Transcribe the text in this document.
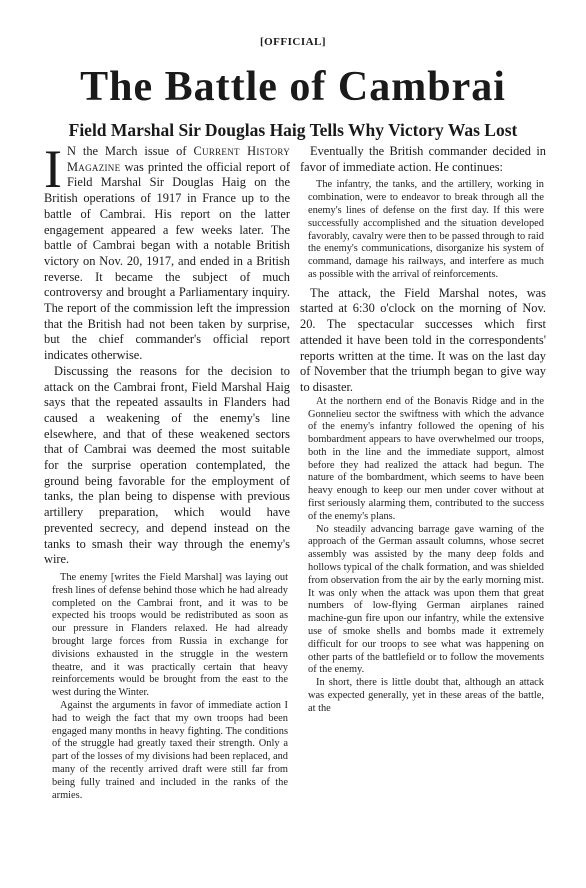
[OFFICIAL]
The Battle of Cambrai
Field Marshal Sir Douglas Haig Tells Why Victory Was Lost

I N the March issue of Current History Magazine was printed the official report of Field Marshal Sir Douglas Haig on the British operations of 1917 in France up to the battle of Cambrai. His report on the latter engagement appeared a few weeks later. The battle of Cambrai began with a notable British victory on Nov. 20, 1917, and ended in a British reverse. It became the subject of much controversy and brought a Parliamentary inquiry. The report of the commission left the impression that the British had not been taken by surprise, but the chief commander's official report indicates otherwise.

Discussing the reasons for the decision to attack on the Cambrai front, Field Marshal Haig says that the repeated assaults in Flanders had caused a weakening of the enemy's line elsewhere, and that of these weakened sectors that of Cambrai was deemed the most suitable for the surprise operation contemplated, the ground being favorable for the employment of tanks, the plan being to dispense with previous artillery preparation, which would have prevented secrecy, and depend instead on the tanks to smash their way through the enemy's wire.

The enemy [writes the Field Marshal] was laying out fresh lines of defense behind those which he had already completed on the Cambrai front, and it was to be expected his troops would be redistributed as soon as our pressure in Flanders relaxed. He had already brought large forces from Russia in exchange for divisions exhausted in the struggle in the western theatre, and it was practically certain that heavy reinforcements would be brought from the east to the west during the Winter.

Against the arguments in favor of immediate action I had to weigh the fact that my own troops had been engaged many months in heavy fighting. The conditions of the struggle had greatly taxed their strength. Only a part of the losses of my divisions had been replaced, and many of the recently arrived draft were still far from being fully trained and included in the ranks of the armies.

Eventually the British commander decided in favor of immediate action. He continues:

The infantry, the tanks, and the artillery, working in combination, were to endeavor to break through all the enemy's lines of defense on the first day. If this were successfully accomplished and the situation developed favorably, cavalry were then to be passed through to raid the enemy's communications, disorganize his system of command, damage his railways, and interfere as much as possible with the arrival of reinforcements.

The attack, the Field Marshal notes, was started at 6:30 o'clock on the morning of Nov. 20. The spectacular successes which first attended it have been told in the correspondents' reports written at the time. It was on the last day of November that the triumph began to give way to disaster.

At the northern end of the Bonavis Ridge and in the Gonnelieu sector the swiftness with which the advance of the enemy's infantry followed the opening of his bombardment appears to have overwhelmed our troops, both in the line and the immediate support, almost before they had realized the attack had begun. The nature of the bombardment, which seems to have been heavy enough to keep our men under cover without at first seriously alarming them, contributed to the success of the enemy's plans.

No steadily advancing barrage gave warning of the approach of the German assault columns, whose secret assembly was assisted by the many deep folds and hollows typical of the chalk formation, and was shielded from observation from the air by the early morning mist. It was only when the attack was upon them that great numbers of low-flying German airplanes rained machine-gun fire upon our infantry, while the extensive use of smoke shells and bombs made it extremely difficult for our troops to see what was happening on other parts of the battlefield or to follow the movements of the enemy.

In short, there is little doubt that, although an attack was expected generally, yet in these areas of the battle, at the
